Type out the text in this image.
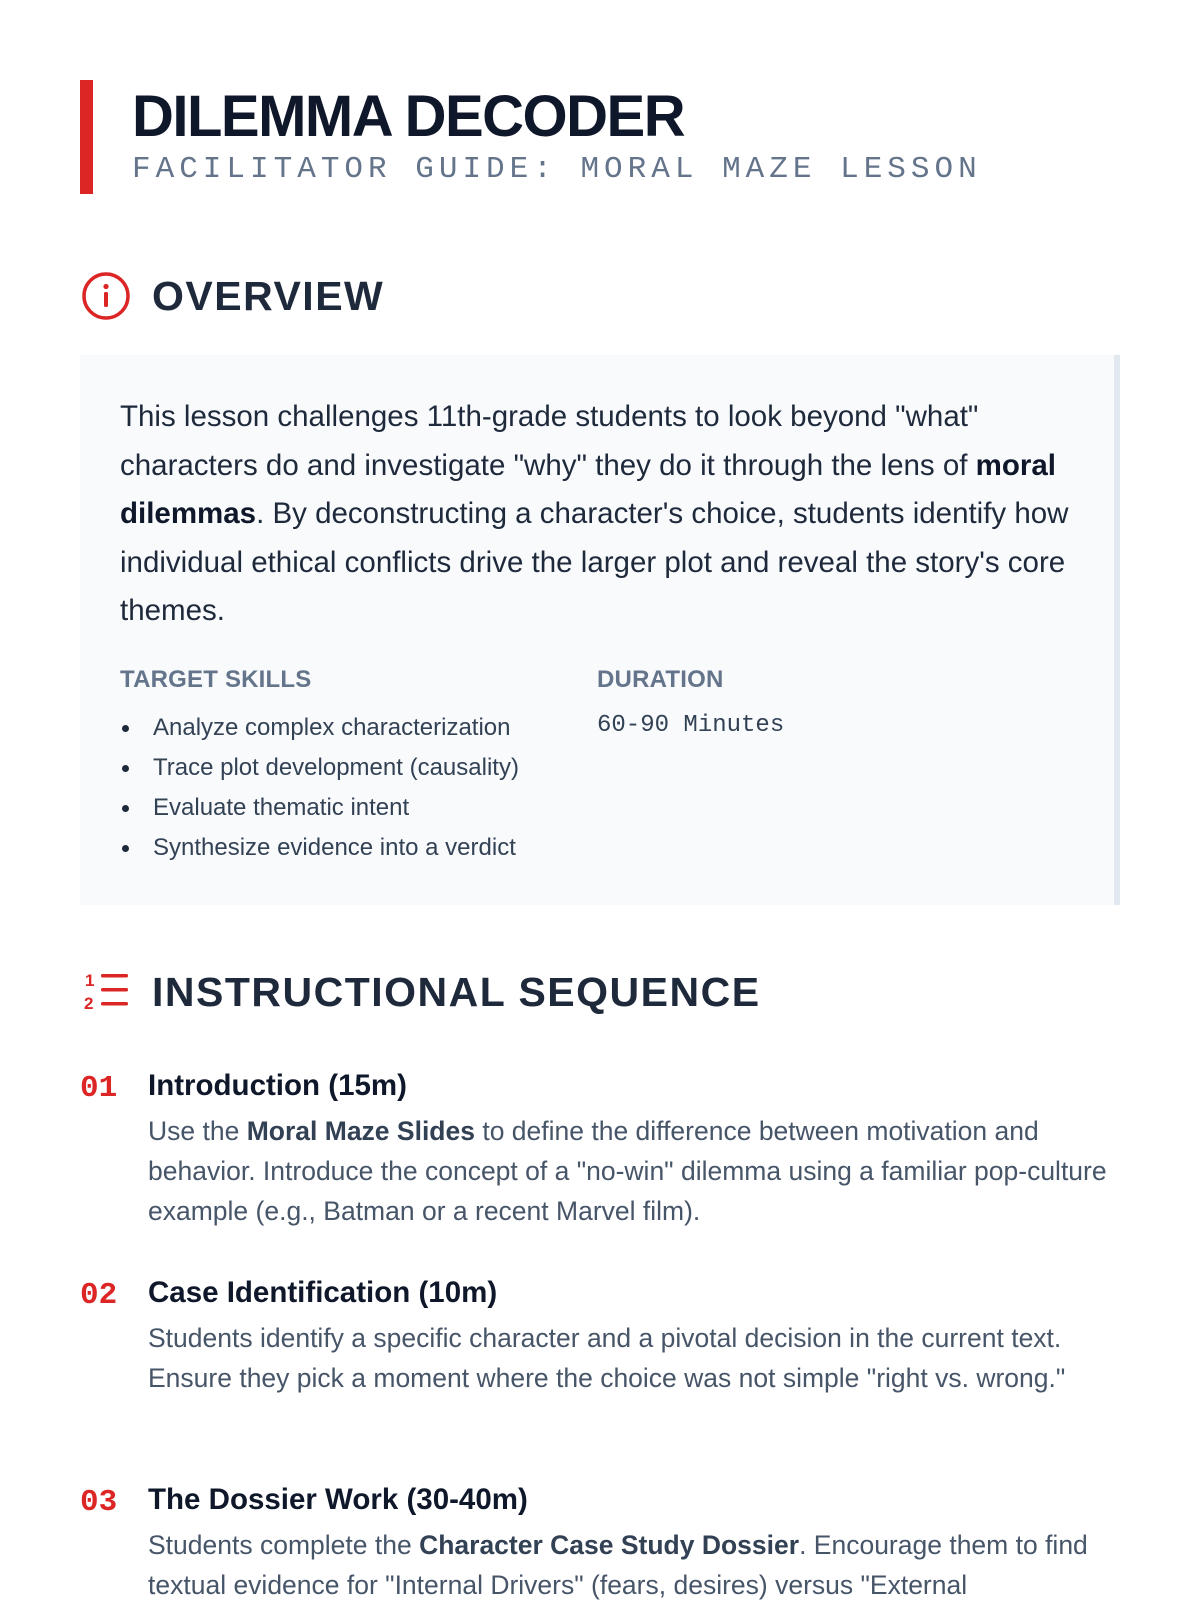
DILEMMA DECODER
FACILITATOR GUIDE: MORAL MAZE LESSON
OVERVIEW

This lesson challenges 11th-grade students to look beyond "what" characters do and investigate "why" they do it through the lens of moral dilemmas. By deconstructing a character's choice, students identify how individual ethical conflicts drive the larger plot and reveal the story's core themes.

TARGET SKILLS
Analyze complex characterization
Trace plot development (causality)
Evaluate thematic intent
Synthesize evidence into a verdict
DURATION
60-90 Minutes
1
2 INSTRUCTIONAL SEQUENCE
01 Introduction (15m)

Use the Moral Maze Slides to define the difference between motivation and behavior. Introduce the concept of a "no-win" dilemma using a familiar pop-culture example (e.g., Batman or a recent Marvel film).

02 Case Identification (10m)

Students identify a specific character and a pivotal decision in the current text. Ensure they pick a moment where the choice was not simple "right vs. wrong."

03 The Dossier Work (30-40m)

Students complete the Character Case Study Dossier. Encourage them to find textual evidence for "Internal Drivers" (fears, desires) versus "External
